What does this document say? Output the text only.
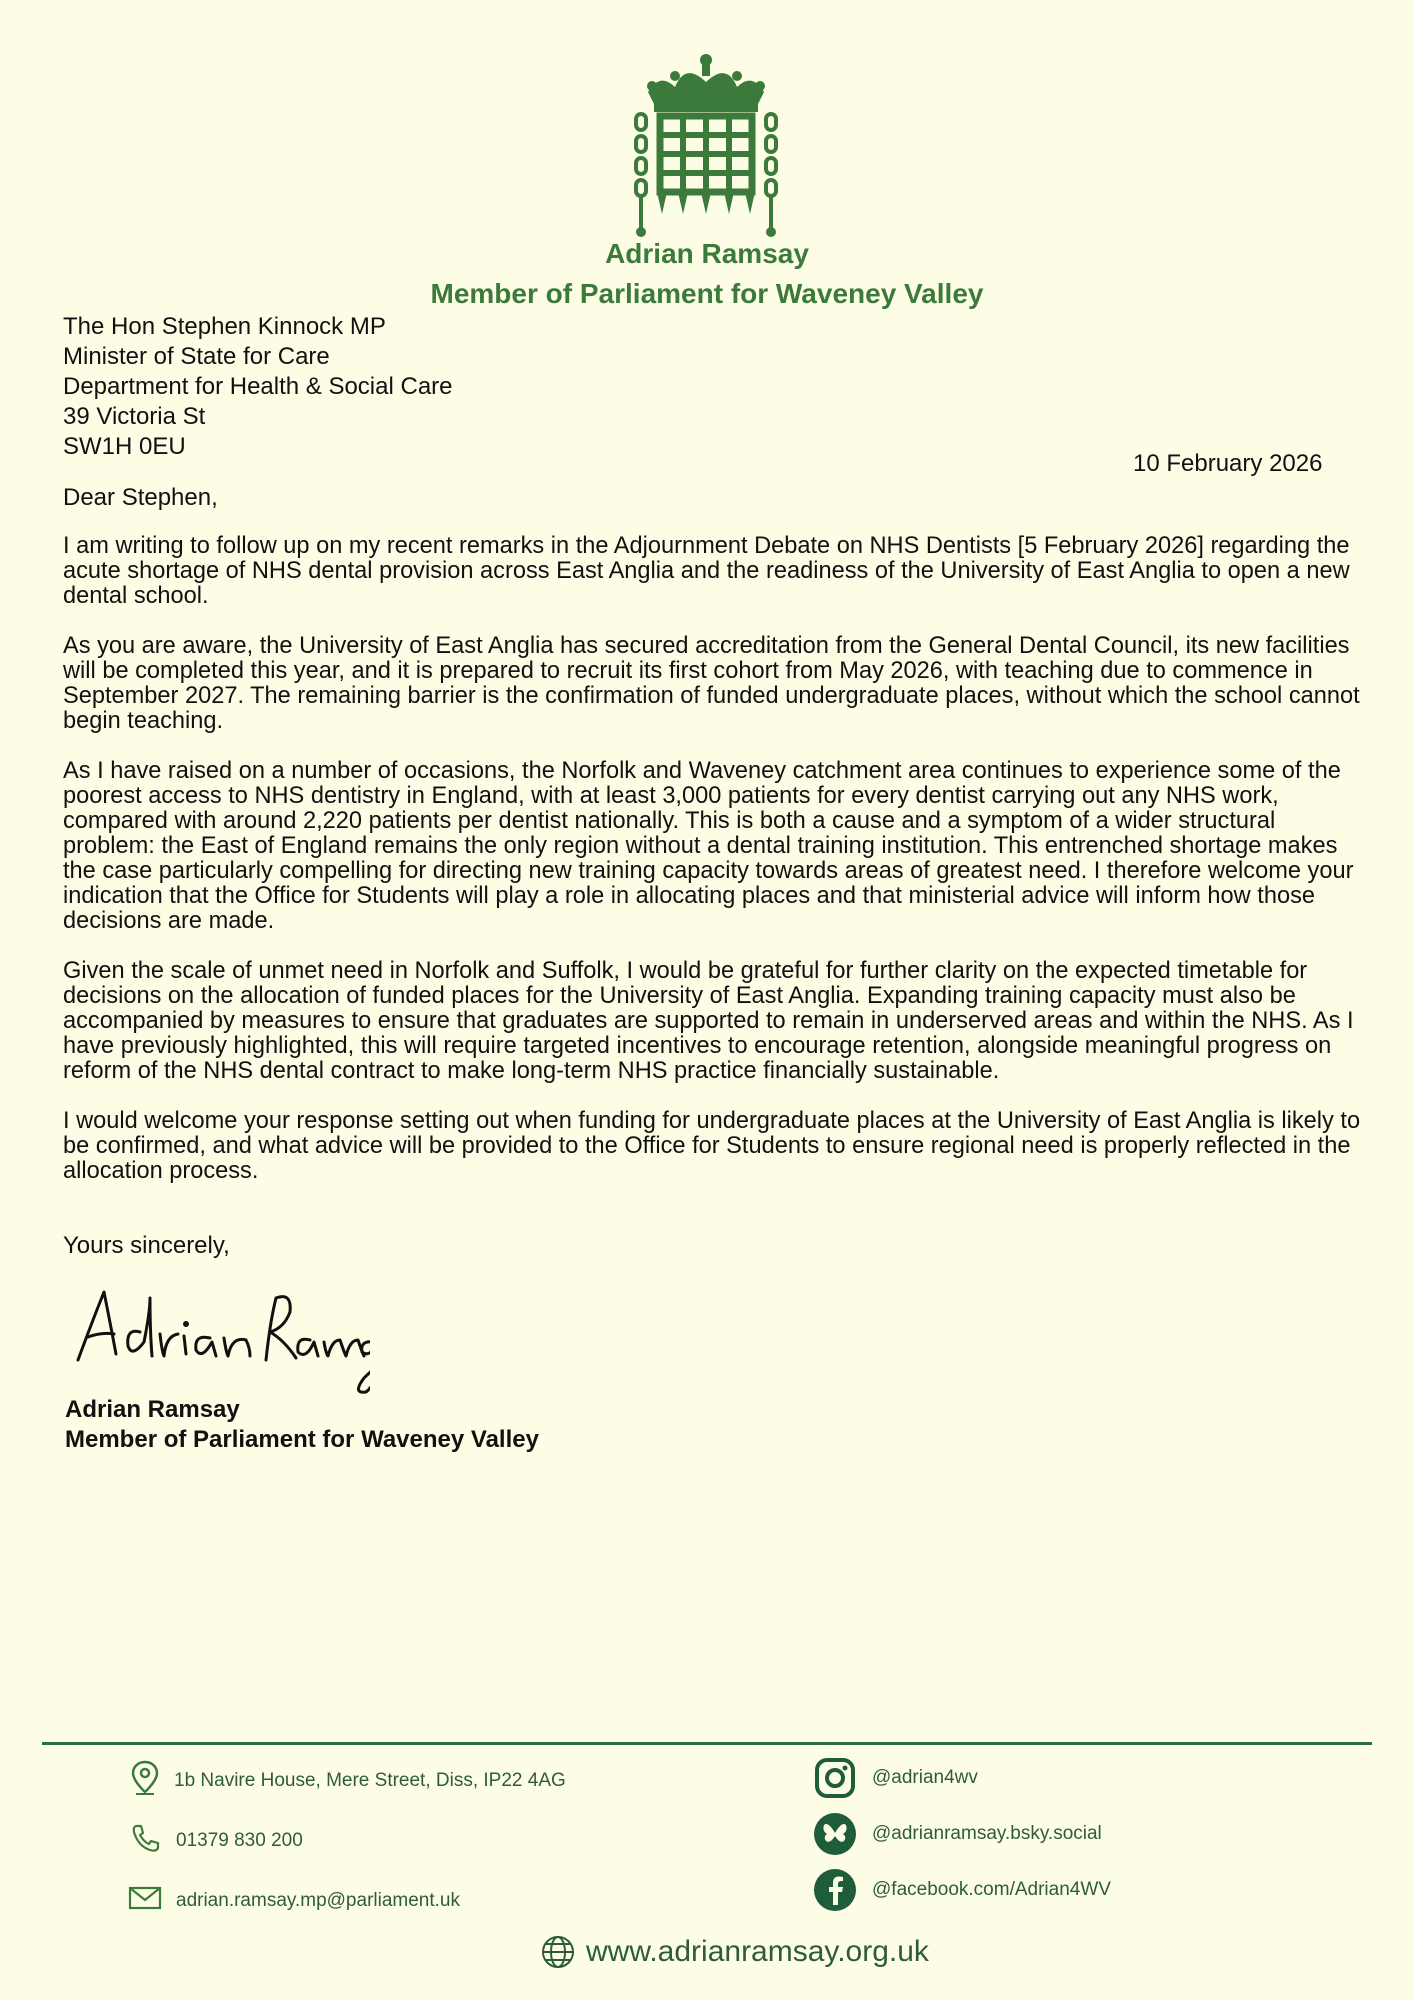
Adrian Ramsay
Member of Parliament for Waveney Valley
The Hon Stephen Kinnock MP
Minister of State for Care
Department for Health & Social Care
39 Victoria St
SW1H 0EU
10 February 2026
Dear Stephen,

I am writing to follow up on my recent remarks in the Adjournment Debate on NHS Dentists [5 February 2026] regarding the acute shortage of NHS dental provision across East Anglia and the readiness of the University of East Anglia to open a new dental school.

As you are aware, the University of East Anglia has secured accreditation from the General Dental Council, its new facilities will be completed this year, and it is prepared to recruit its first cohort from May 2026, with teaching due to commence in September 2027. The remaining barrier is the confirmation of funded undergraduate places, without which the school cannot begin teaching.

As I have raised on a number of occasions, the Norfolk and Waveney catchment area continues to experience some of the poorest access to NHS dentistry in England, with at least 3,000 patients for every dentist carrying out any NHS work, compared with around 2,220 patients per dentist nationally. This is both a cause and a symptom of a wider structural problem: the East of England remains the only region without a dental training institution. This entrenched shortage makes the case particularly compelling for directing new training capacity towards areas of greatest need. I therefore welcome your indication that the Office for Students will play a role in allocating places and that ministerial advice will inform how those decisions are made.

Given the scale of unmet need in Norfolk and Suffolk, I would be grateful for further clarity on the expected timetable for decisions on the allocation of funded places for the University of East Anglia. Expanding training capacity must also be accompanied by measures to ensure that graduates are supported to remain in underserved areas and within the NHS. As I have previously highlighted, this will require targeted incentives to encourage retention, alongside meaningful progress on reform of the NHS dental contract to make long-term NHS practice financially sustainable.

I would welcome your response setting out when funding for undergraduate places at the University of East Anglia is likely to be confirmed, and what advice will be provided to the Office for Students to ensure regional need is properly reflected in the allocation process.

Yours sincerely,
Adrian Ramsay
Member of Parliament for Waveney Valley
1b Navire House, Mere Street, Diss, IP22 4AG
01379 830 200
adrian.ramsay.mp@parliament.uk
@adrian4wv
@adrianramsay.bsky.social
@facebook.com/Adrian4WV
www.adrianramsay.org.uk
